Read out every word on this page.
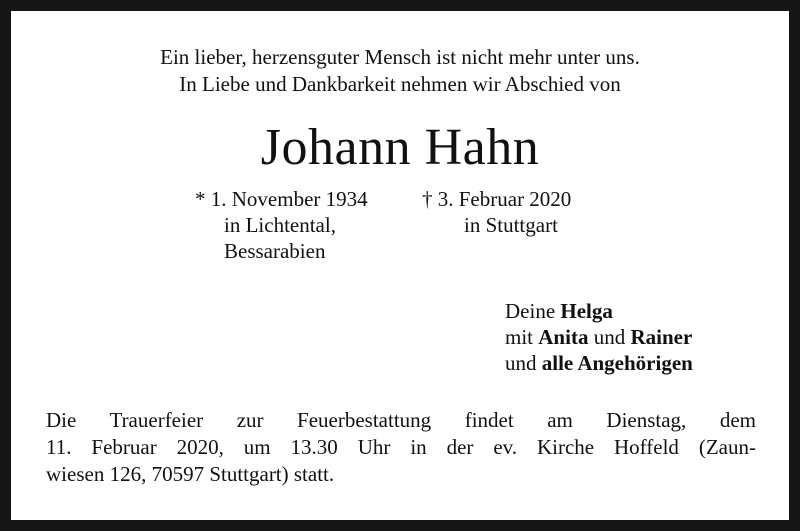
Ein lieber, herzensguter Mensch ist nicht mehr unter uns.
In Liebe und Dankbarkeit nehmen wir Abschied von
Johann Hahn
* 1. November 1934
in Lichtental,
Bessarabien
† 3. Februar 2020
in Stuttgart
Deine Helga
mit Anita und Rainer
und alle Angehörigen
Die Trauerfeier zur Feuerbestattung findet am Dienstag, dem
11. Februar 2020, um 13.30 Uhr in der ev. Kirche Hoffeld (Zaun-
wiesen 126, 70597 Stuttgart) statt.
